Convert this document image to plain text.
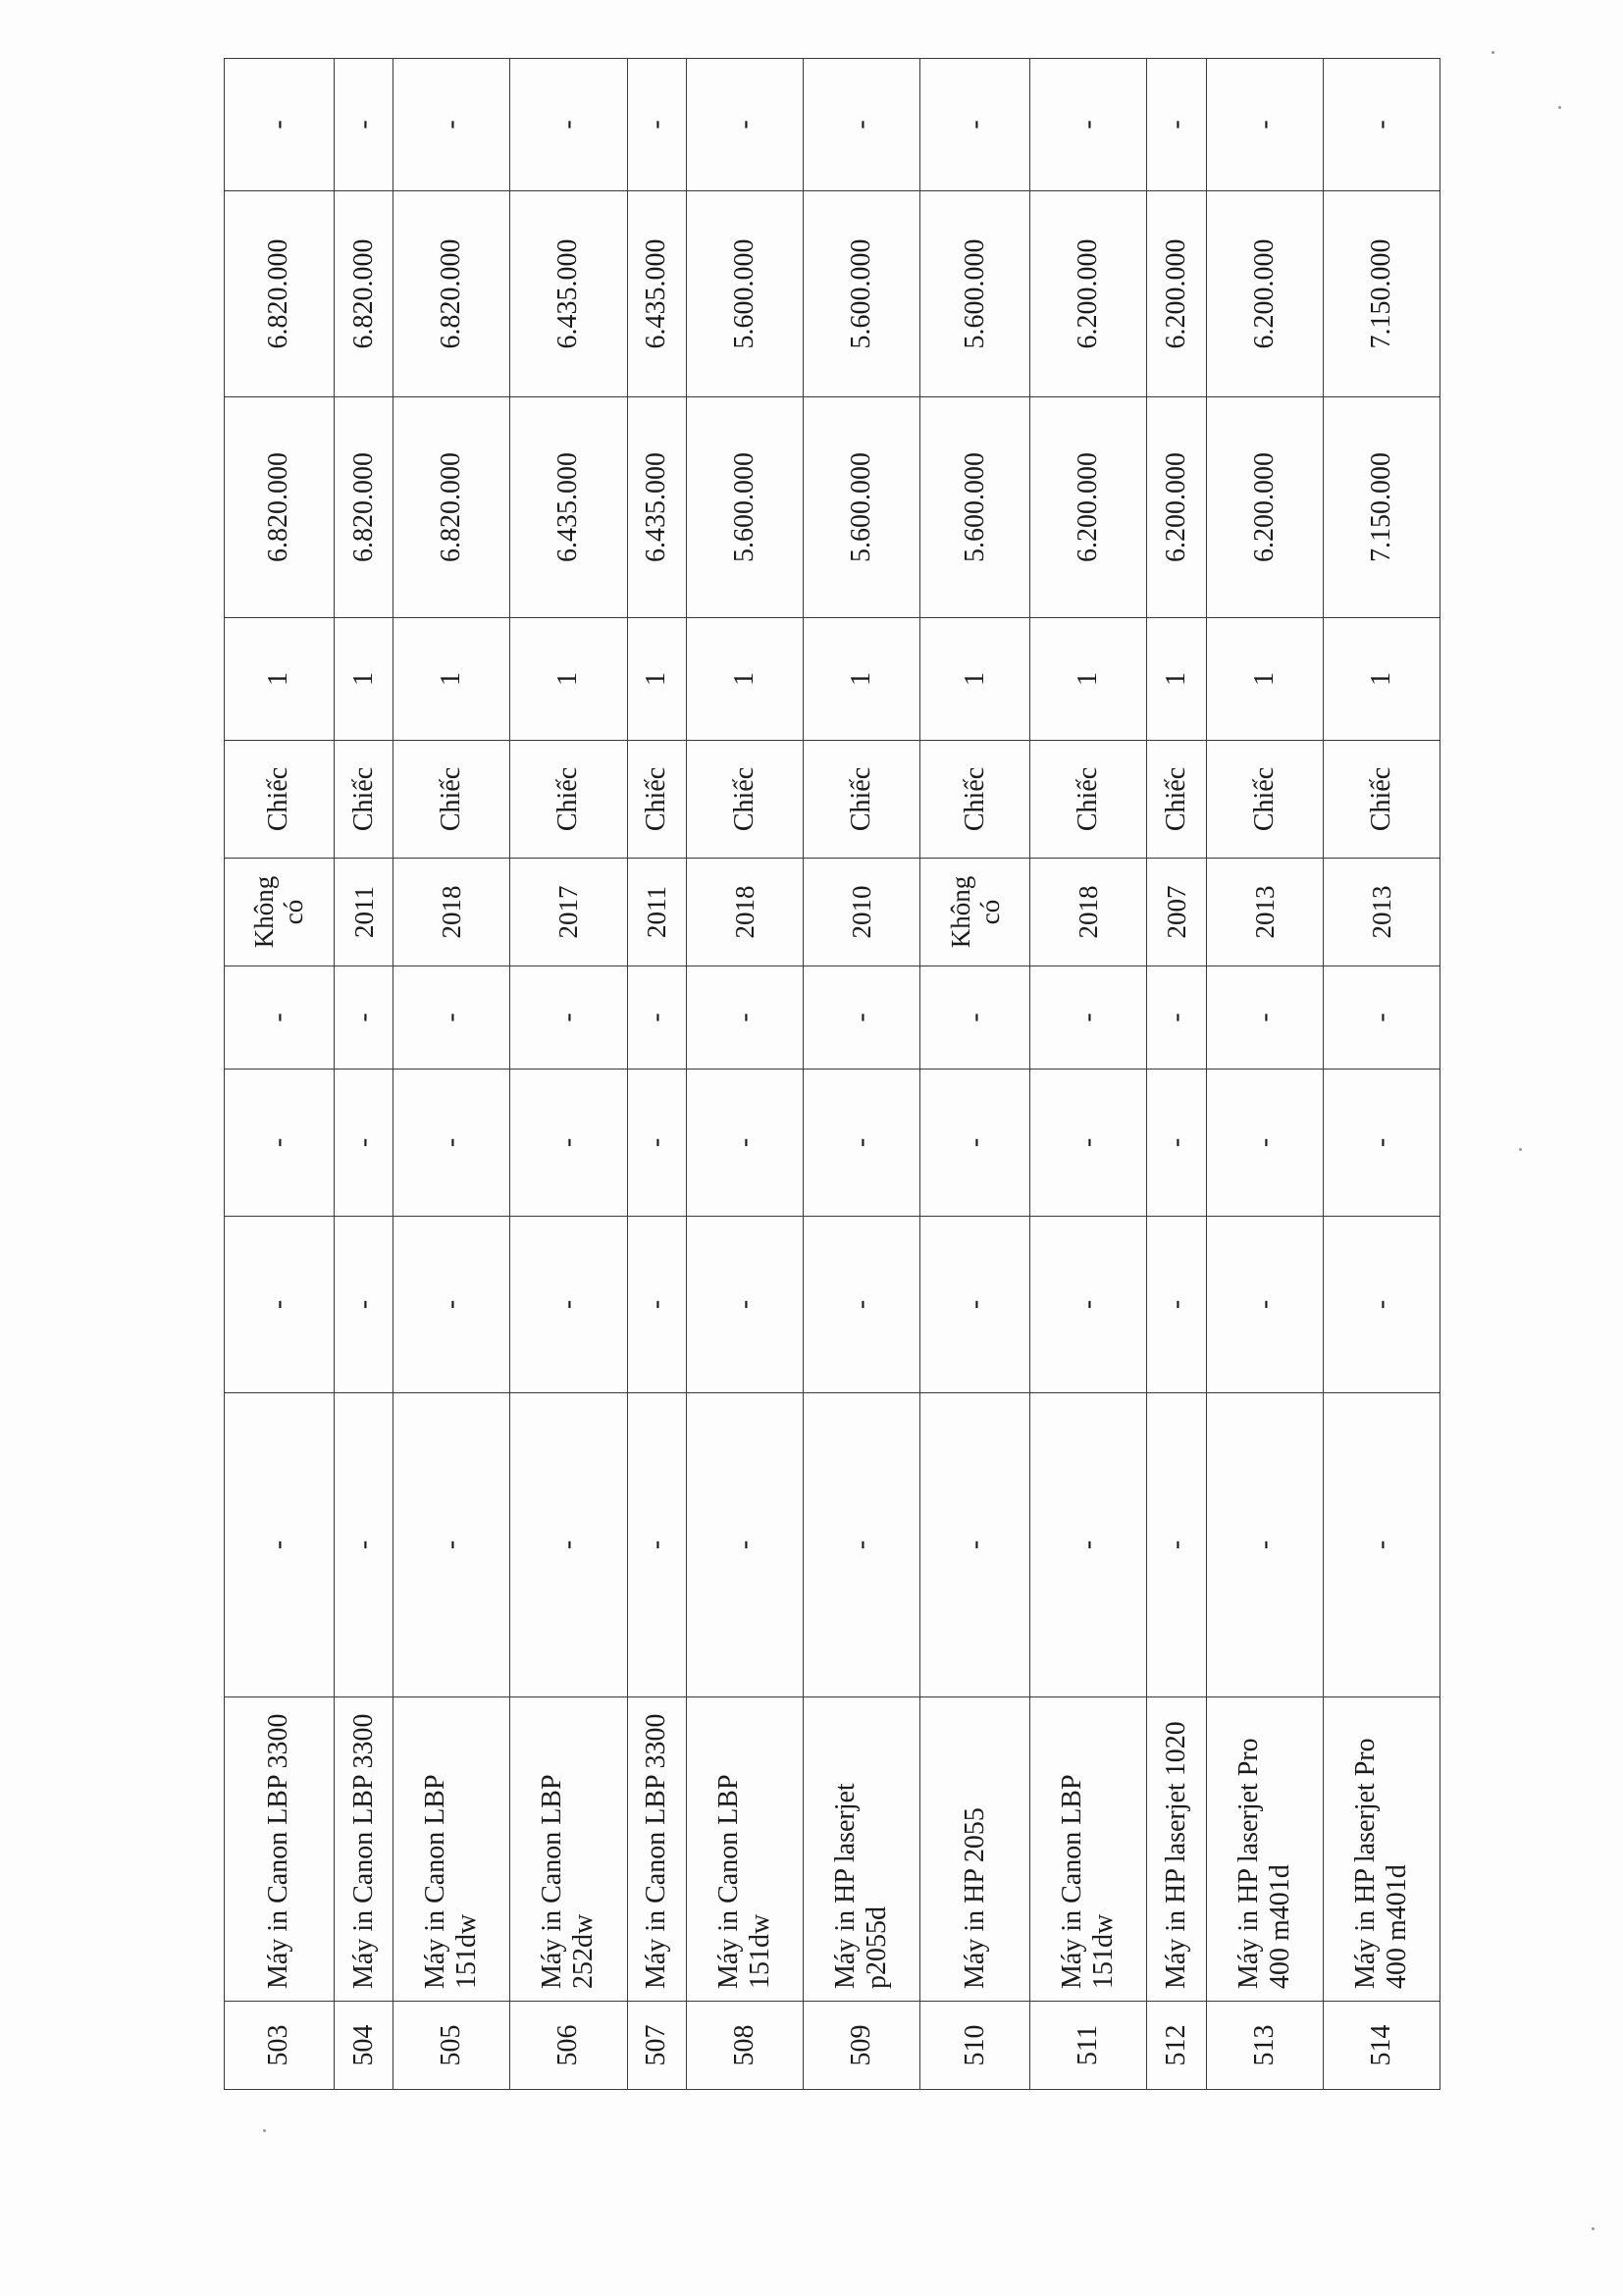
503	Máy in Canon LBP 3300	-	-	-	-	Không có	Chiếc	1	6.820.000	6.820.000	-
504	Máy in Canon LBP 3300	-	-	-	-	2011	Chiếc	1	6.820.000	6.820.000	-
505	Máy in Canon LBP 151dw	-	-	-	-	2018	Chiếc	1	6.820.000	6.820.000	-
506	Máy in Canon LBP 252dw	-	-	-	-	2017	Chiếc	1	6.435.000	6.435.000	-
507	Máy in Canon LBP 3300	-	-	-	-	2011	Chiếc	1	6.435.000	6.435.000	-
508	Máy in Canon LBP 151dw	-	-	-	-	2018	Chiếc	1	5.600.000	5.600.000	-
509	Máy in HP laserjet p2055d	-	-	-	-	2010	Chiếc	1	5.600.000	5.600.000	-
510	Máy in HP 2055	-	-	-	-	Không có	Chiếc	1	5.600.000	5.600.000	-
511	Máy in Canon LBP 151dw	-	-	-	-	2018	Chiếc	1	6.200.000	6.200.000	-
512	Máy in HP laserjet 1020	-	-	-	-	2007	Chiếc	1	6.200.000	6.200.000	-
513	Máy in HP laserjet Pro 400 m401d	-	-	-	-	2013	Chiếc	1	6.200.000	6.200.000	-
514	Máy in HP laserjet Pro 400 m401d	-	-	-	-	2013	Chiếc	1	7.150.000	7.150.000	-
